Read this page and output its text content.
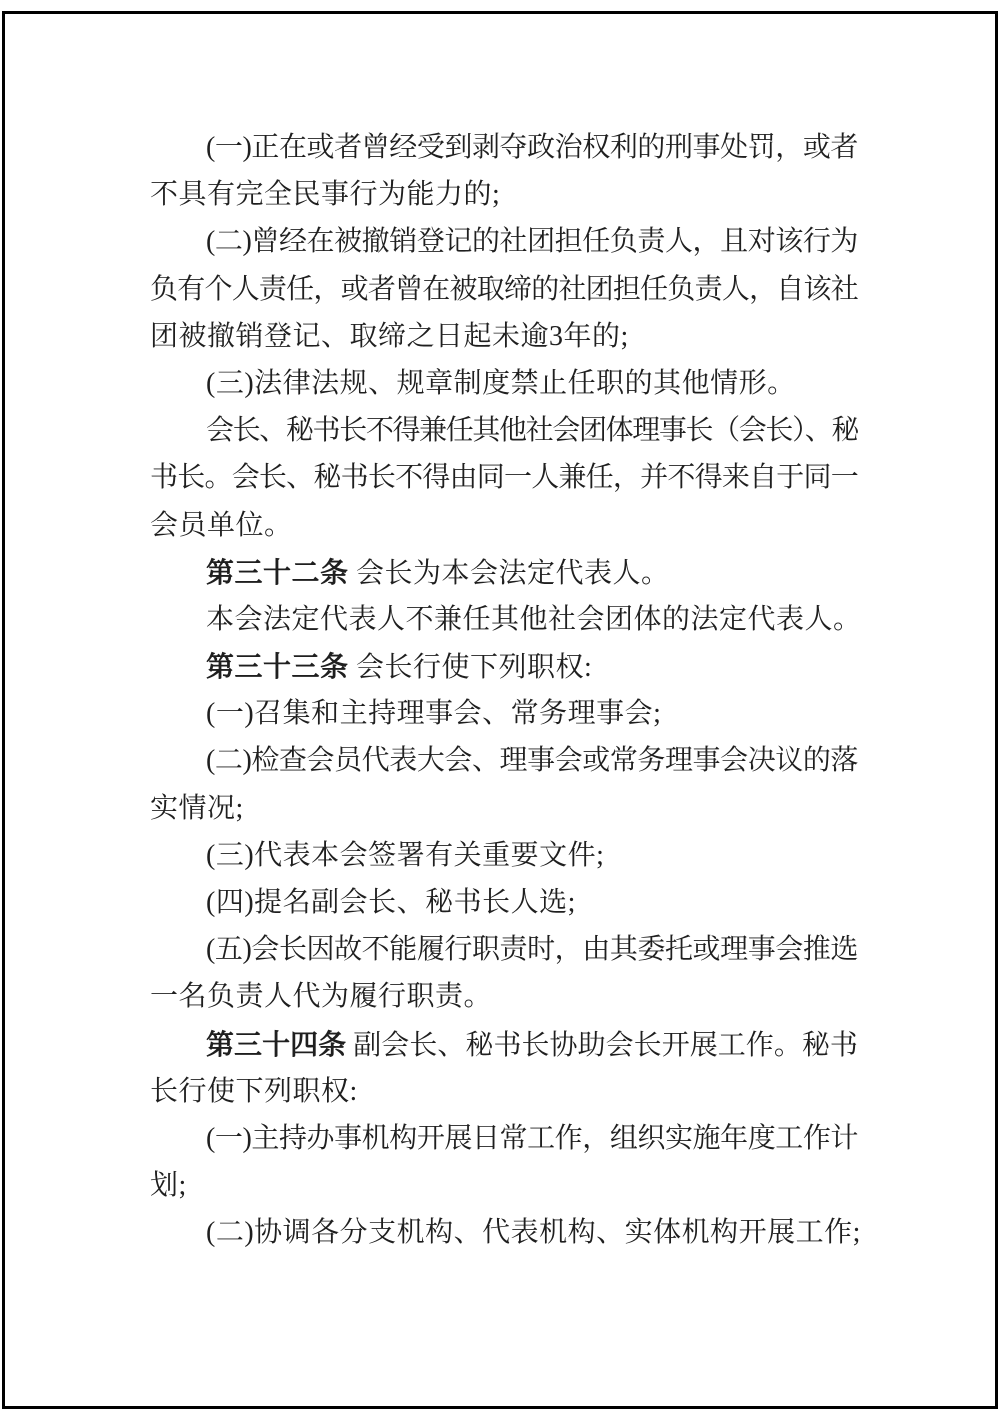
(一)正在或者曾经受到剥夺政治权利的刑事处罚，或者
不具有完全民事行为能力的;
(二)曾经在被撤销登记的社团担任负责人，且对该行为
负有个人责任，或者曾在被取缔的社团担任负责人，自该社
团被撤销登记、取缔之日起未逾3年的;
(三)法律法规、规章制度禁止任职的其他情形。
会长、秘书长不得兼任其他社会团体理事长（会长）、秘
书长。会长、秘书长不得由同一人兼任，并不得来自于同一
会员单位。
第三十二条 会长为本会法定代表人。
本会法定代表人不兼任其他社会团体的法定代表人。
第三十三条 会长行使下列职权:
(一)召集和主持理事会、常务理事会;
(二)检查会员代表大会、理事会或常务理事会决议的落
实情况;
(三)代表本会签署有关重要文件;
(四)提名副会长、秘书长人选;
(五)会长因故不能履行职责时，由其委托或理事会推选
一名负责人代为履行职责。
第三十四条 副会长、秘书长协助会长开展工作。秘书
长行使下列职权:
(一)主持办事机构开展日常工作，组织实施年度工作计
划;
(二)协调各分支机构、代表机构、实体机构开展工作;
